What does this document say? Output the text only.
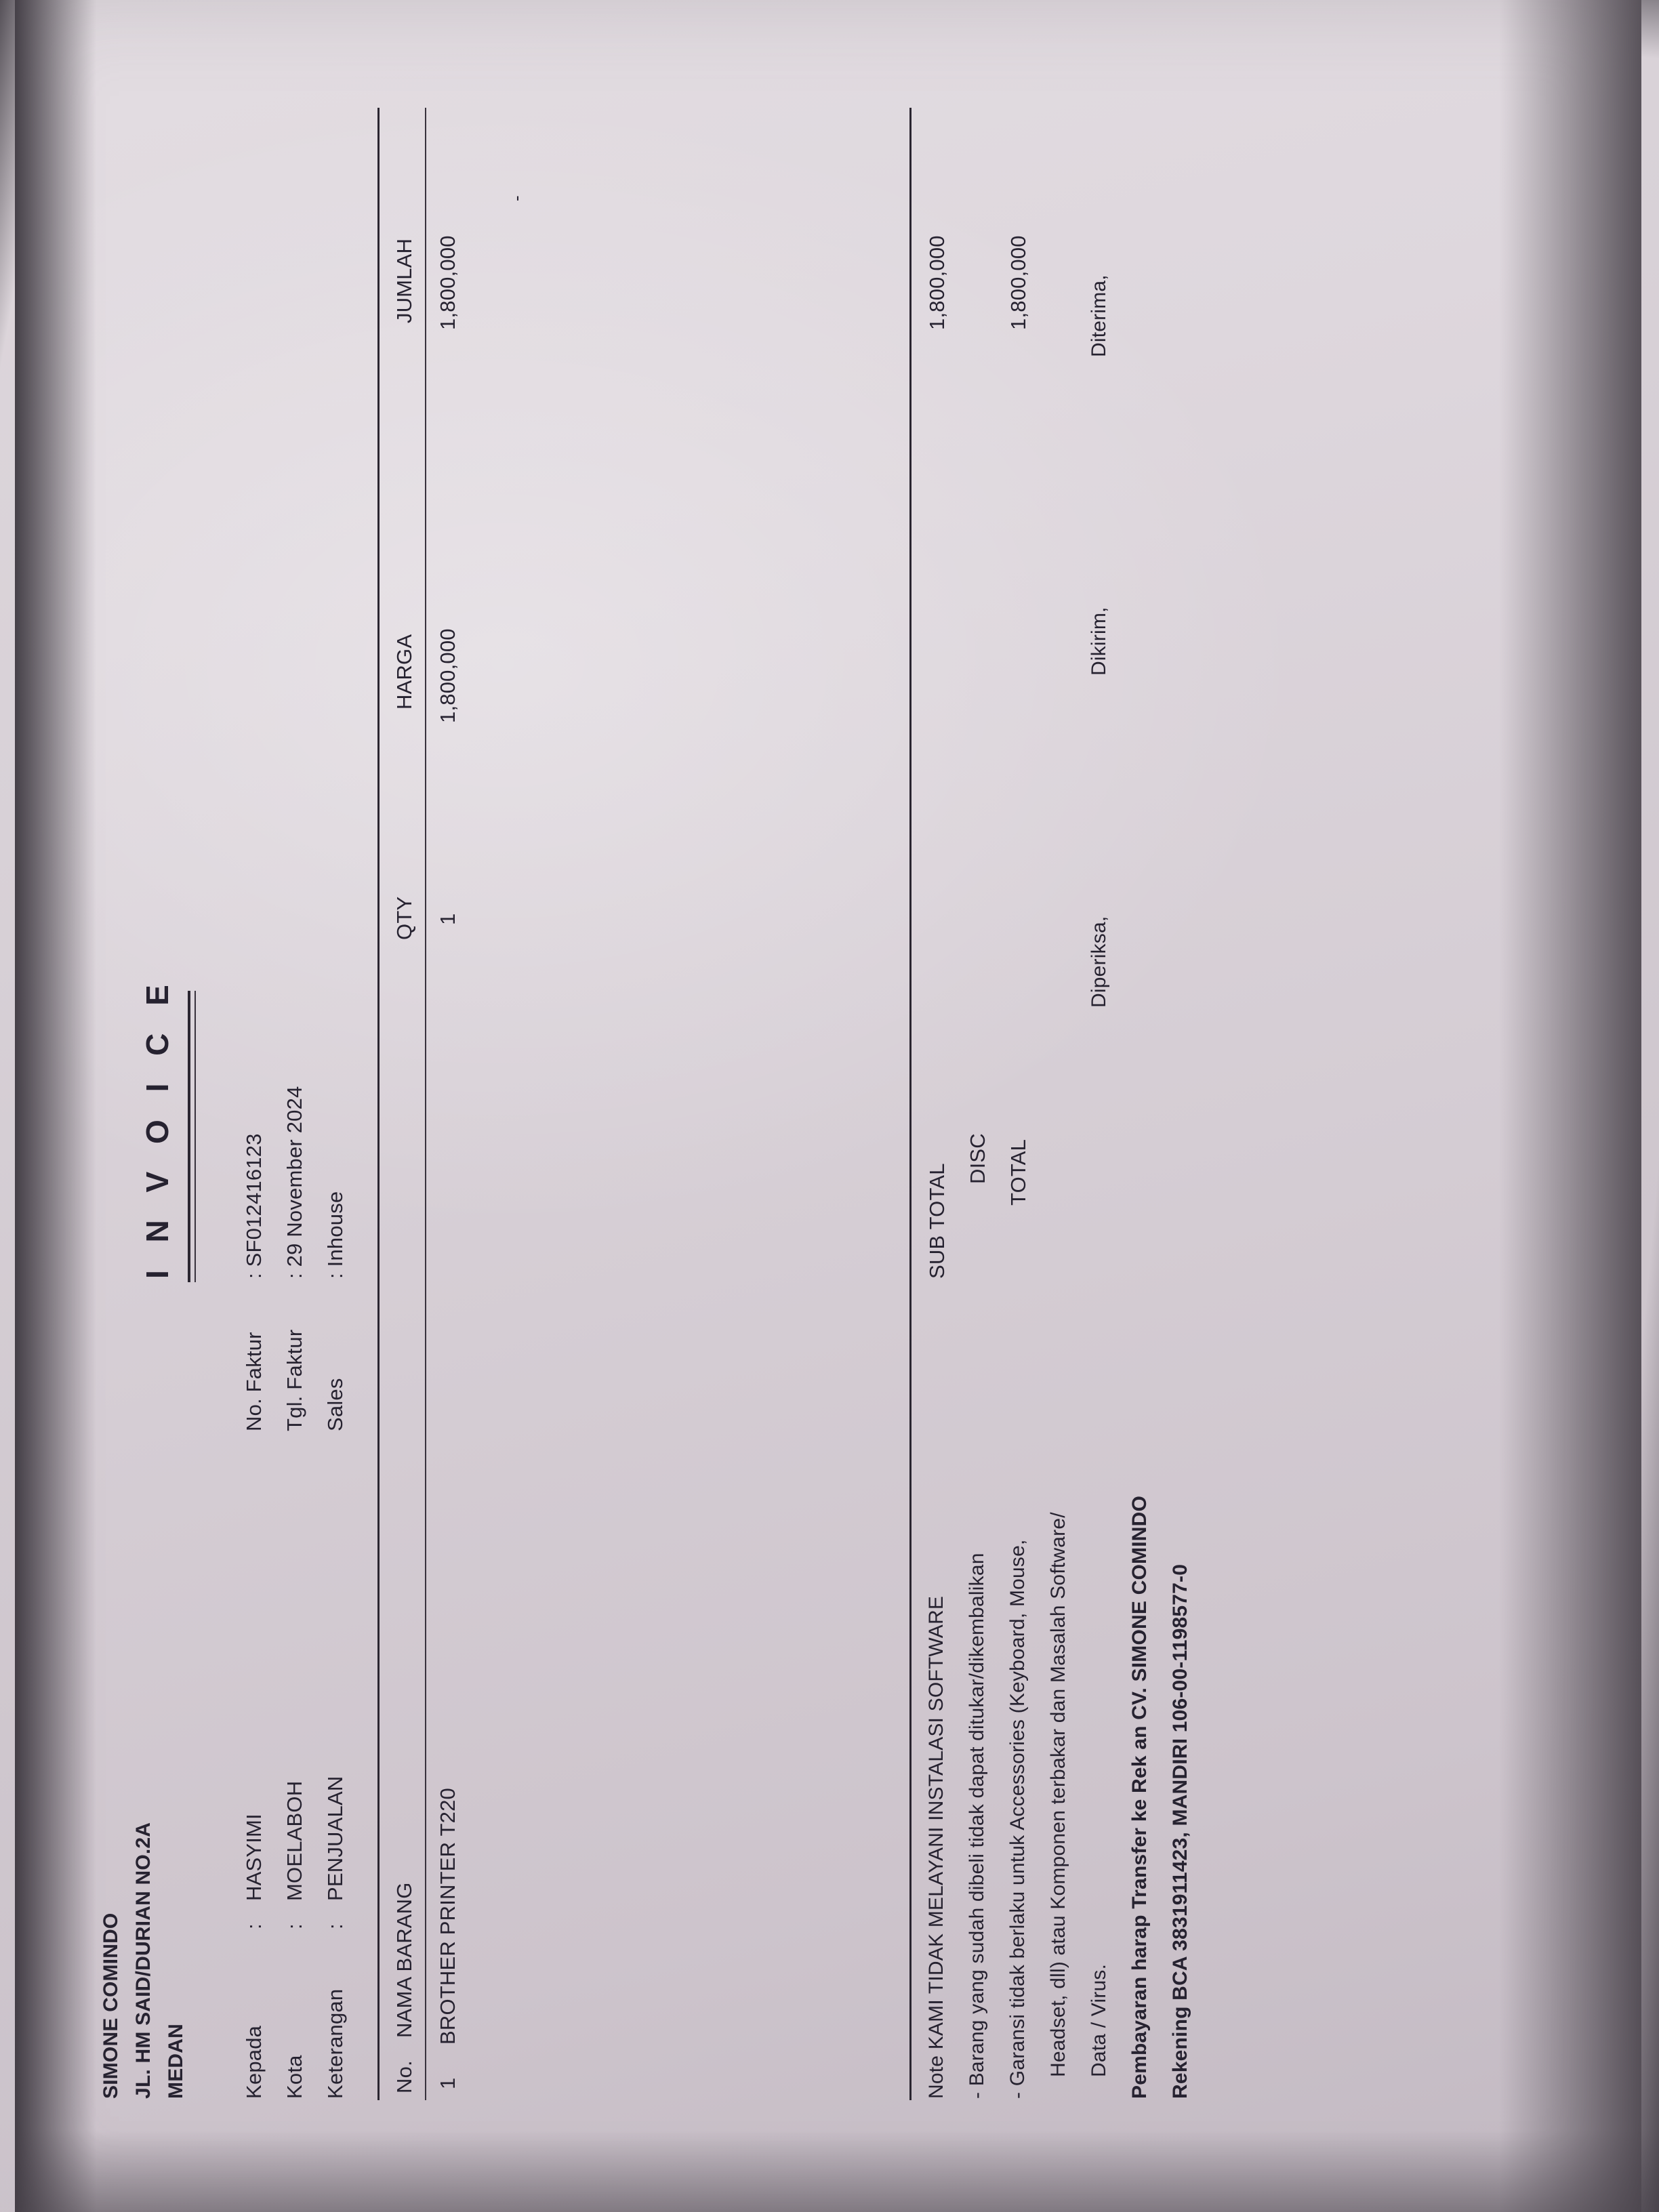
SIMONE COMINDO JL. HM SAID/DURIAN NO.2A MEDAN
I N V O I C E
Kepada
:
HASYIMI
Kota
:
MOELABOH
Keterangan
:
PENJUALAN
No. Faktur
: SF012416123
Tgl. Faktur
: 29 November 2024
Sales
: Inhouse
No.
NAMA BARANG
QTY
HARGA
JUMLAH
1
BROTHER PRINTER T220
1
1,800,000
1,800,000
-
SUB TOTAL
1,800,000
DISC TOTAL
1,800,000
Note KAMI TIDAK MELAYANI INSTALASI SOFTWARE - Barang yang sudah dibeli tidak dapat ditukar/dikembalikan - Garansi tidak berlaku untuk Accessories (Keyboard, Mouse, Headset, dll) atau Komponen terbakar dan Masalah Software/ Data / Virus. Pembayaran harap Transfer ke Rek an CV. SIMONE COMINDO Rekening BCA 3831911423, MANDIRI 106-00-1198577-0
Diperiksa,
Dikirim,
Diterima,
